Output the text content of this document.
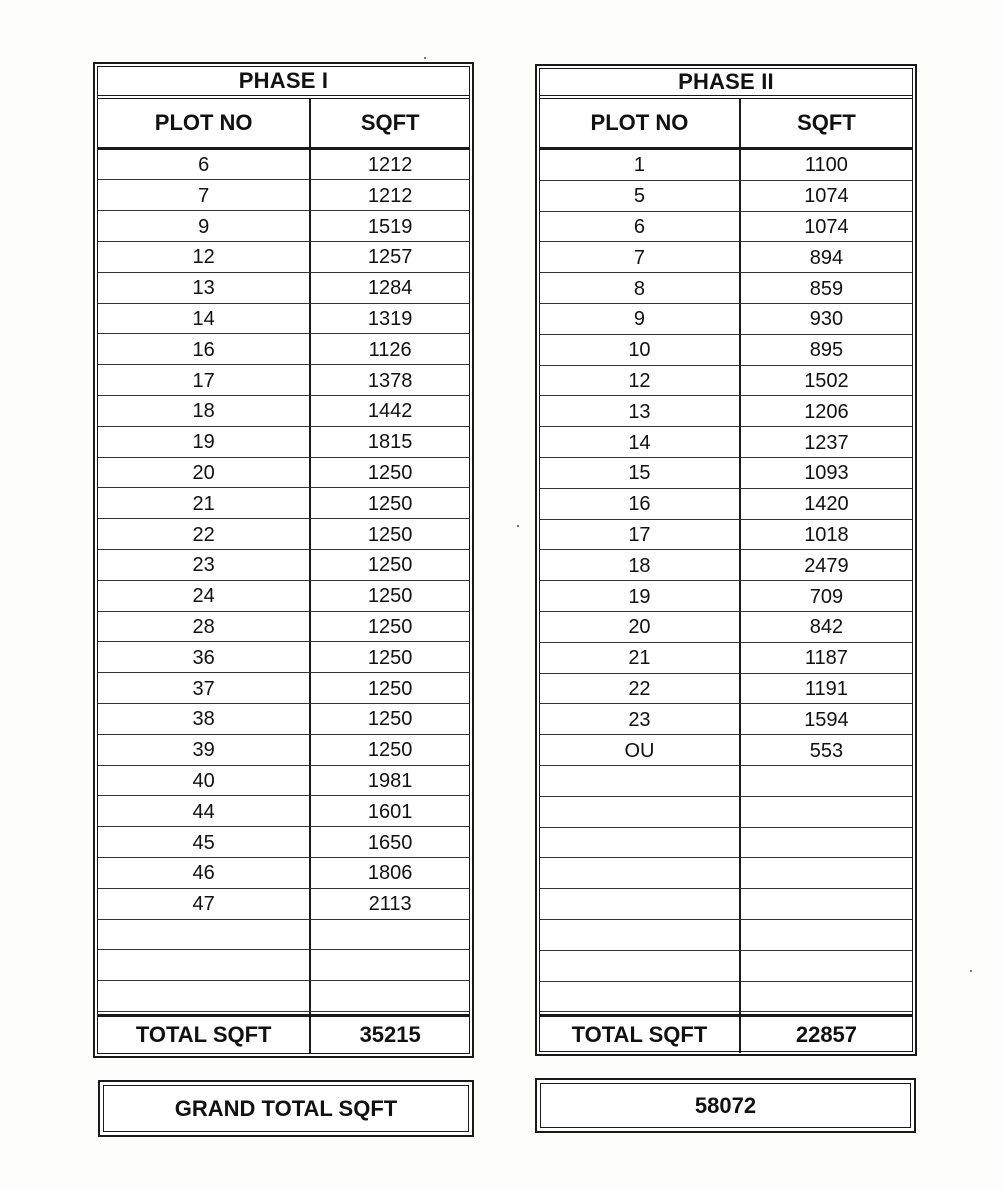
PHASE I
PLOT NO	SQFT
6	1212
7	1212
9	1519
12	1257
13	1284
14	1319
16	1126
17	1378
18	1442
19	1815
20	1250
21	1250
22	1250
23	1250
24	1250
28	1250
36	1250
37	1250
38	1250
39	1250
40	1981
44	1601
45	1650
46	1806
47	2113
TOTAL SQFT	35215
PHASE II
PLOT NO	SQFT
1	1100
5	1074
6	1074
7	894
8	859
9	930
10	895
12	1502
13	1206
14	1237
15	1093
16	1420
17	1018
18	2479
19	709
20	842
21	1187
22	1191
23	1594
OU	553
TOTAL SQFT	22857
GRAND TOTAL SQFT	58072
